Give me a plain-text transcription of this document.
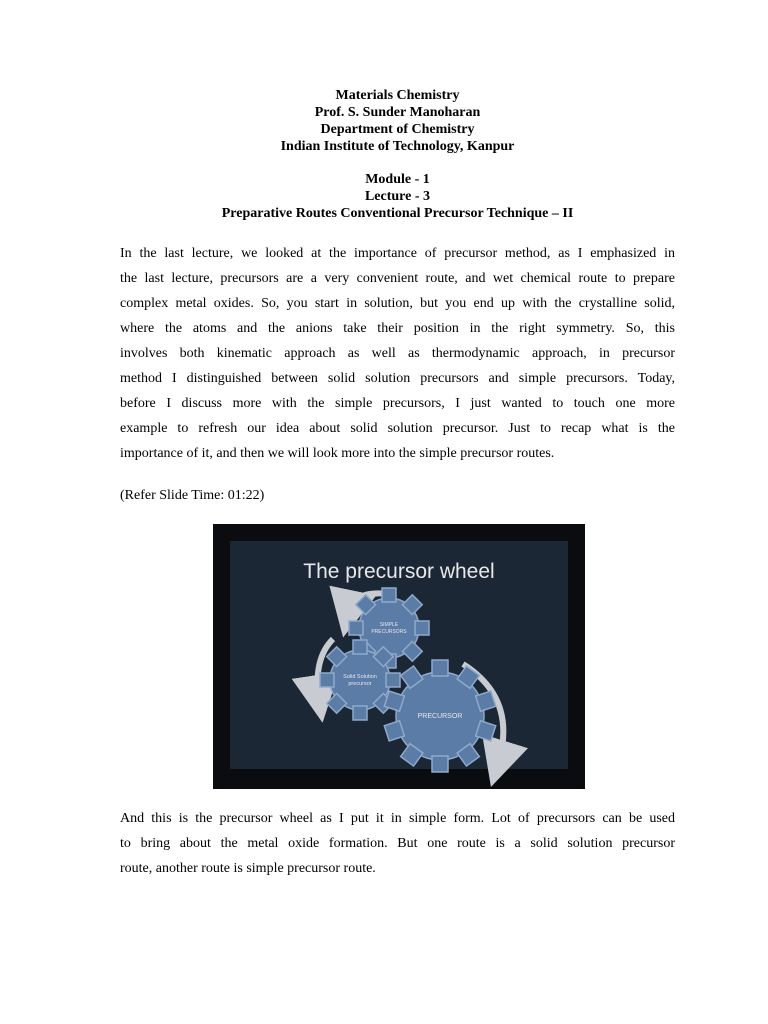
Materials Chemistry
Prof. S. Sunder Manoharan
Department of Chemistry
Indian Institute of Technology, Kanpur
Module - 1
Lecture - 3
Preparative Routes Conventional Precursor Technique – II
In the last lecture, we looked at the importance of precursor method, as I emphasized in
the last lecture, precursors are a very convenient route, and wet chemical route to prepare
complex metal oxides. So, you start in solution, but you end up with the crystalline solid,
where the atoms and the anions take their position in the right symmetry. So, this
involves both kinematic approach as well as thermodynamic approach, in precursor
method I distinguished between solid solution precursors and simple precursors. Today,
before I discuss more with the simple precursors, I just wanted to touch one more
example to refresh our idea about solid solution precursor. Just to recap what is the
importance of it, and then we will look more into the simple precursor routes.
(Refer Slide Time: 01:22)
The precursor wheel
SIMPLE
PRECURSORS
Solid Solution
precursor
PRECURSOR
And this is the precursor wheel as I put it in simple form. Lot of precursors can be used
to bring about the metal oxide formation. But one route is a solid solution precursor
route, another route is simple precursor route.
